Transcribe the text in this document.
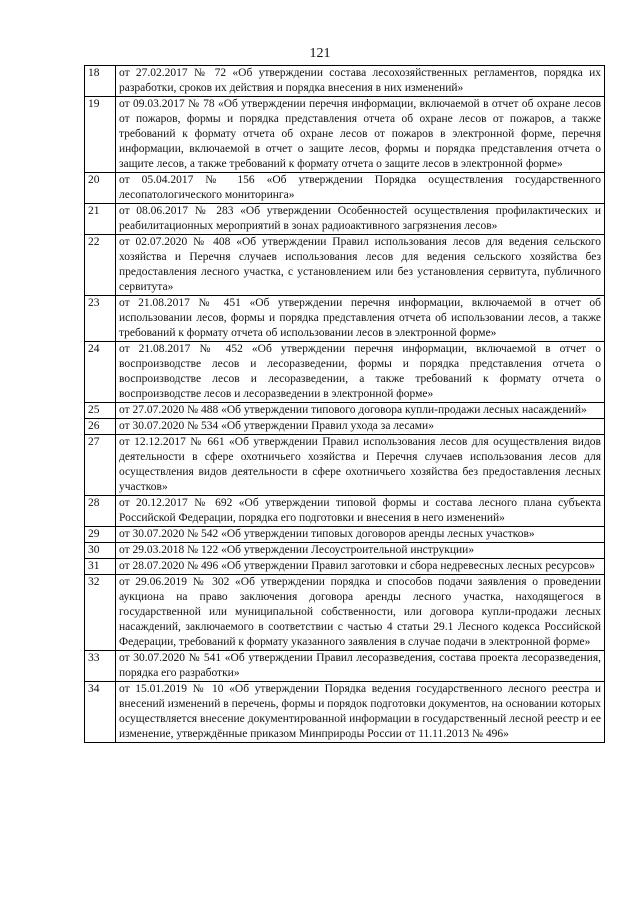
121
18	от 27.02.2017 № 72 «Об утверждении состава лесохозяйственных регламентов, порядка их разработки, сроков их действия и порядка внесения в них изменений»
19	от 09.03.2017 № 78 «Об утверждении перечня информации, включаемой в отчет об охране лесов от пожаров, формы и порядка представления отчета об охране лесов от пожаров, а также требований к формату отчета об охране лесов от пожаров в электронной форме, перечня информации, включаемой в отчет о защите лесов, формы и порядка представления отчета о защите лесов, а также требований к формату отчета о защите лесов в электронной форме»
20	от 05.04.2017 № 156 «Об утверждении Порядка осуществления государственного лесопатологического мониторинга»
21	от 08.06.2017 № 283 «Об утверждении Особенностей осуществления профилактических и реабилитационных мероприятий в зонах радиоактивного загрязнения лесов»
22	от 02.07.2020 № 408 «Об утверждении Правил использования лесов для ведения сельского хозяйства и Перечня случаев использования лесов для ведения сельского хозяйства без предоставления лесного участка, с установлением или без установления сервитута, публичного сервитута»
23	от 21.08.2017 № 451 «Об утверждении перечня информации, включаемой в отчет об использовании лесов, формы и порядка представления отчета об использовании лесов, а также требований к формату отчета об использовании лесов в электронной форме»
24	от 21.08.2017 № 452 «Об утверждении перечня информации, включаемой в отчет о воспроизводстве лесов и лесоразведении, формы и порядка представления отчета о воспроизводстве лесов и лесоразведении, а также требований к формату отчета о воспроизводстве лесов и лесоразведении в электронной форме»
25	от 27.07.2020 № 488 «Об утверждении типового договора купли-продажи лесных насаждений»
26	от 30.07.2020 № 534 «Об утверждении Правил ухода за лесами»
27	от 12.12.2017 № 661 «Об утверждении Правил использования лесов для осуществления видов деятельности в сфере охотничьего хозяйства и Перечня случаев использования лесов для осуществления видов деятельности в сфере охотничьего хозяйства без предоставления лесных участков»
28	от 20.12.2017 № 692 «Об утверждении типовой формы и состава лесного плана субъекта Российской Федерации, порядка его подготовки и внесения в него изменений»
29	от 30.07.2020 № 542 «Об утверждении типовых договоров аренды лесных участков»
30	от 29.03.2018 № 122 «Об утверждении Лесоустроительной инструкции»
31	от 28.07.2020 № 496 «Об утверждении Правил заготовки и сбора недревесных лесных ресурсов»
32	от 29.06.2019 № 302 «Об утверждении порядка и способов подачи заявления о проведении аукциона на право заключения договора аренды лесного участка, находящегося в государственной или муниципальной собственности, или договора купли-продажи лесных насаждений, заключаемого в соответствии с частью 4 статьи 29.1 Лесного кодекса Российской Федерации, требований к формату указанного заявления в случае подачи в электронной форме»
33	от 30.07.2020 № 541 «Об утверждении Правил лесоразведения, состава проекта лесоразведения, порядка его разработки»
34	от 15.01.2019 № 10 «Об утверждении Порядка ведения государственного лесного реестра и внесений изменений в перечень, формы и порядок подготовки документов, на основании которых осуществляется внесение документированной информации в государственный лесной реестр и ее изменение, утверждённые приказом Минприроды России от 11.11.2013 № 496»
